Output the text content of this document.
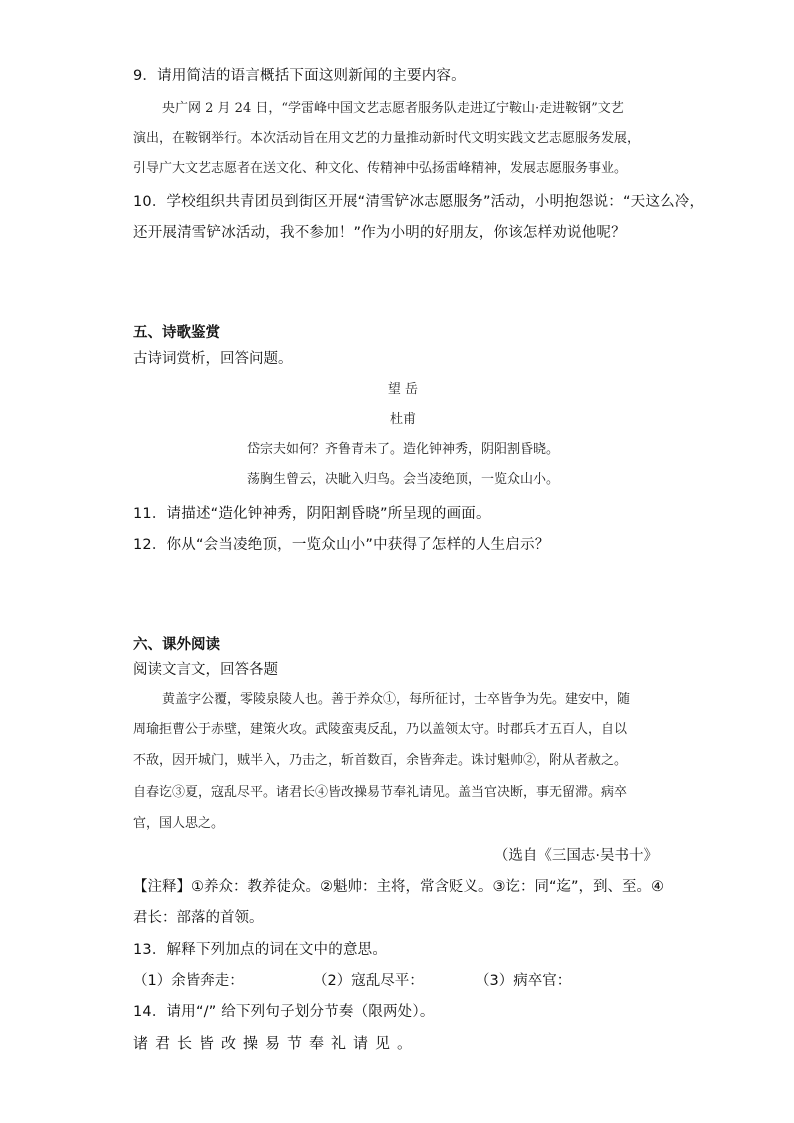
9．请用简洁的语言概括下面这则新闻的主要内容。
央广网 2 月 24 日，“学雷峰中国文艺志愿者服务队走进辽宁鞍山·走进鞍钢”文艺
演出，在鞍钢举行。本次活动旨在用文艺的力量推动新时代文明实践文艺志愿服务发展，
引导广大文艺志愿者在送文化、种文化、传精神中弘扬雷峰精神，发展志愿服务事业。
10．学校组织共青团员到街区开展“清雪铲冰志愿服务”活动，小明抱怨说：“天这么冷，
还开展清雪铲冰活动，我不参加！”作为小明的好朋友，你该怎样劝说他呢？
五、诗歌鉴赏
古诗词赏析，回答问题。
望 岳
杜甫
岱宗夫如何？齐鲁青未了。造化钟神秀，阴阳割昏晓。
荡胸生曾云，决眦入归鸟。会当凌绝顶，一览众山小。
11．请描述“造化钟神秀，阴阳割昏晓”所呈现的画面。
12．你从“会当凌绝顶，一览众山小”中获得了怎样的人生启示？
六、课外阅读
阅读文言文，回答各题
黄盖字公覆，零陵泉陵人也。善于养众①，每所征讨，士卒皆争为先。建安中，随
周瑜拒曹公于赤壁，建策火攻。武陵蛮夷反乱，乃以盖领太守。时郡兵才五百人，自以
不敌，因开城门，贼半入，乃击之，斩首数百，余皆奔走。诛讨魁帅②，附从者赦之。
自春讫③夏，寇乱尽平。诸君长④皆改操易节奉礼请见。盖当官决断，事无留滞。病卒
官，国人思之。
（选自《三国志·吴书十》
【注释】①养众：教养徒众。②魁帅：主将，常含贬义。③讫：同“迄”，到、至。④
君长：部落的首领。
13．解释下列加点的词在文中的意思。
（1）余皆奔走：	（2）寇乱尽平：	（3）病卒官：
14．请用“/” 给下列句子划分节奏（限两处）。
诸君长皆改操易节奉礼请见。
